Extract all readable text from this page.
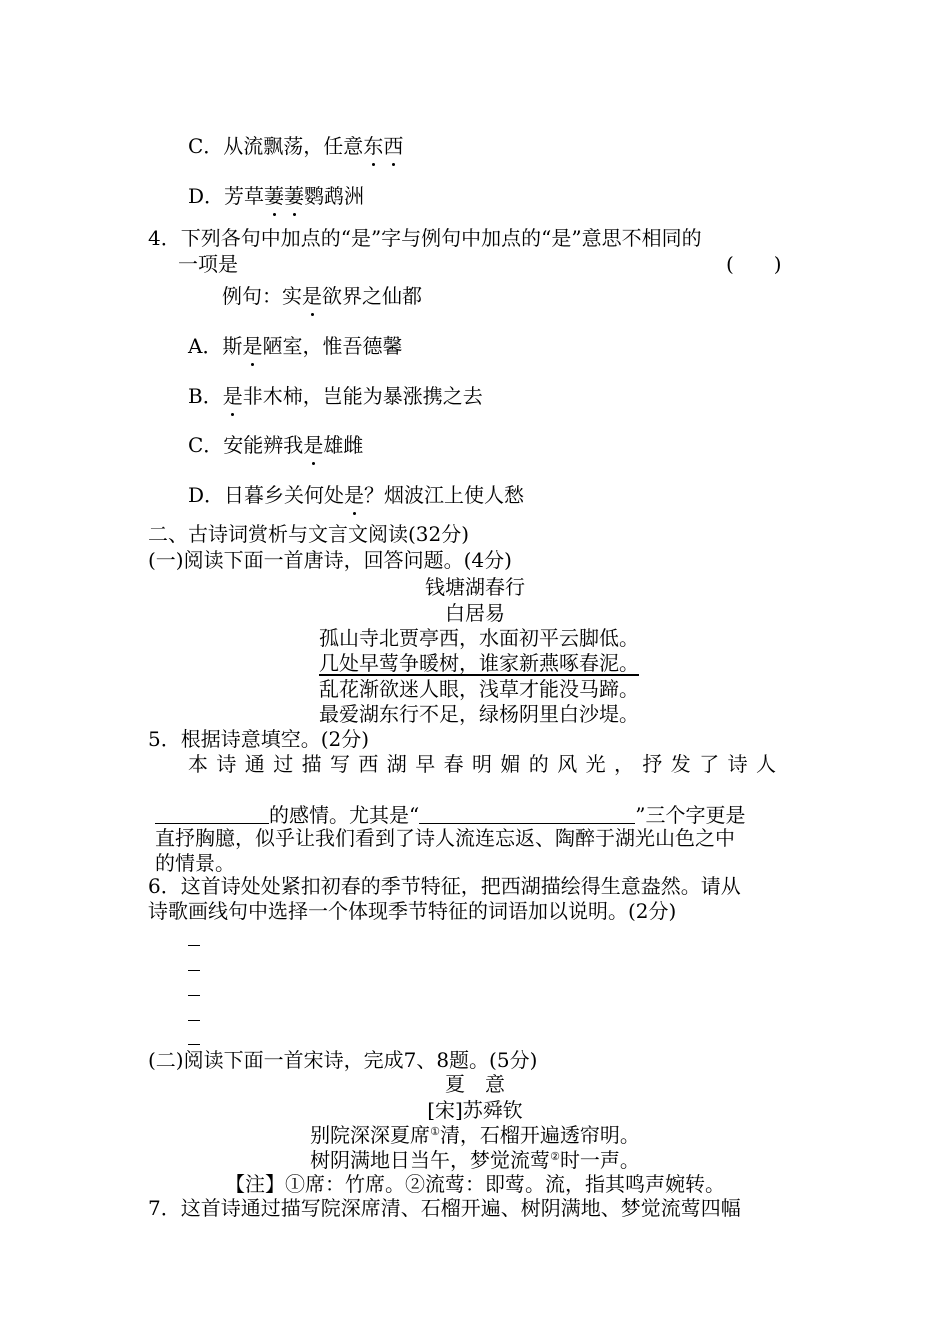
C．从流飘荡，任意东西
D．芳草萋萋鹦鹉洲
4．下列各句中加点的“是”字与例句中加点的“是”意思不相同的
一项是	(　　)
例句：实是欲界之仙都
A．斯是陋室，惟吾德馨
B．是非木柿，岂能为暴涨携之去
C．安能辨我是雄雌
D．日暮乡关何处是？烟波江上使人愁
二、古诗词赏析与文言文阅读(32分)
(一)阅读下面一首唐诗，回答问题。(4分)
钱塘湖春行
白居易
孤山寺北贾亭西，水面初平云脚低。
几处早莺争暖树，谁家新燕啄春泥。
乱花渐欲迷人眼，浅草才能没马蹄。
最爱湖东行不足，绿杨阴里白沙堤。
5．根据诗意填空。(2分)
本诗通过描写西湖早春明媚的风光，抒发了诗人
的感情。尤其是“	”三个字更是
直抒胸臆，似乎让我们看到了诗人流连忘返、陶醉于湖光山色之中
的情景。
6．这首诗处处紧扣初春的季节特征，把西湖描绘得生意盎然。请从
诗歌画线句中选择一个体现季节特征的词语加以说明。(2分)
(二)阅读下面一首宋诗，完成7、8题。(5分)
夏　意
[宋]苏舜钦
别院深深夏席①清，石榴开遍透帘明。
树阴满地日当午，梦觉流莺②时一声。
【注】①席：竹席。②流莺：即莺。流，指其鸣声婉转。
7．这首诗通过描写院深席清、石榴开遍、树阴满地、梦觉流莺四幅
